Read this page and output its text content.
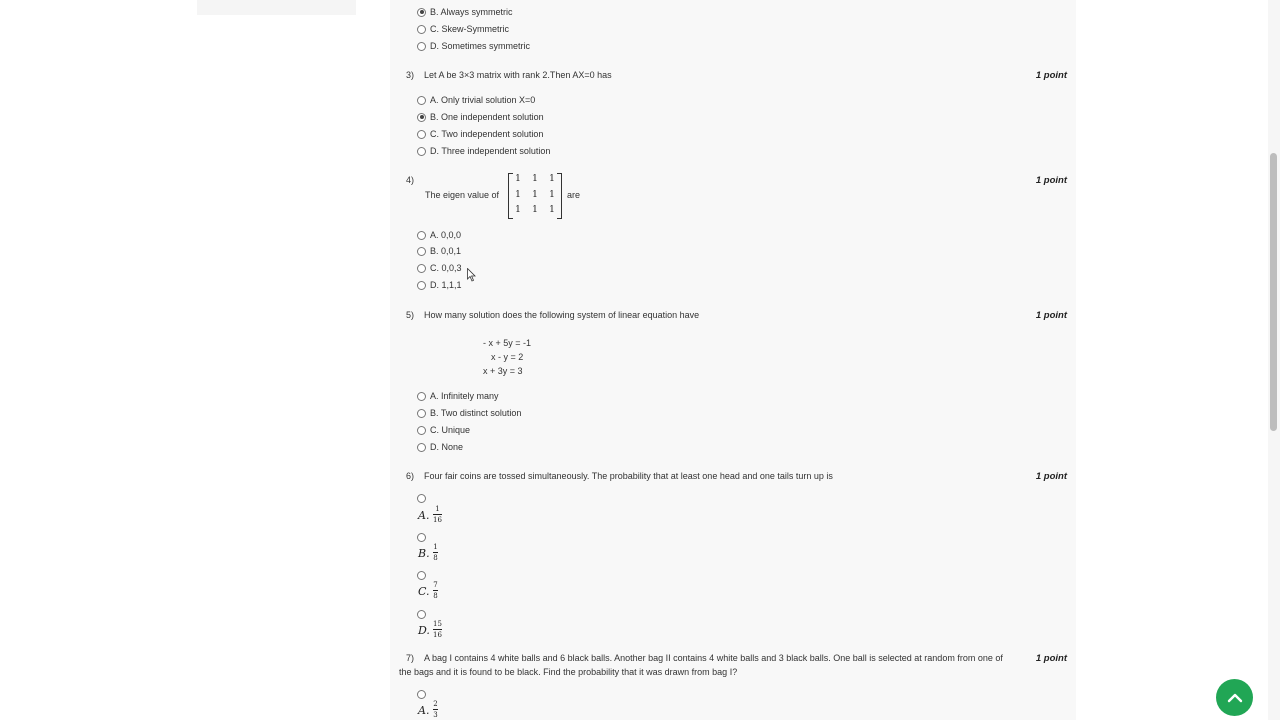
B. Always symmetric
C. Skew-Symmetric
D. Sometimes symmetric
3) Let A be 3×3 matrix with rank 2.Then AX=0 has	1 point
A. Only trivial solution X=0
B. One independent solution
C. Two independent solution
D. Three independent solution
4)
The eigen value of
1 1 1
1 1 1
1 1 1
are
1 point
A. 0,0,0
B. 0,0,1
C. 0,0,3
D. 1,1,1
5) How many solution does the following system of linear equation have	1 point
- x + 5y = -1
x - y = 2
x + 3y = 3
A. Infinitely many
B. Two distinct solution
C. Unique
D. None
6) Four fair coins are tossed simultaneously. The probability that at least one head and one tails turn up is	1 point
A. 1
16
B. 1
8
C. 7
8
D. 15
16
7) A bag I contains 4 white balls and 6 black balls. Another bag II contains 4 white balls and 3 black balls. One ball is selected at random from one of	1 point
the bags and it is found to be black. Find the probability that it was drawn from bag I?
A. 2
3
